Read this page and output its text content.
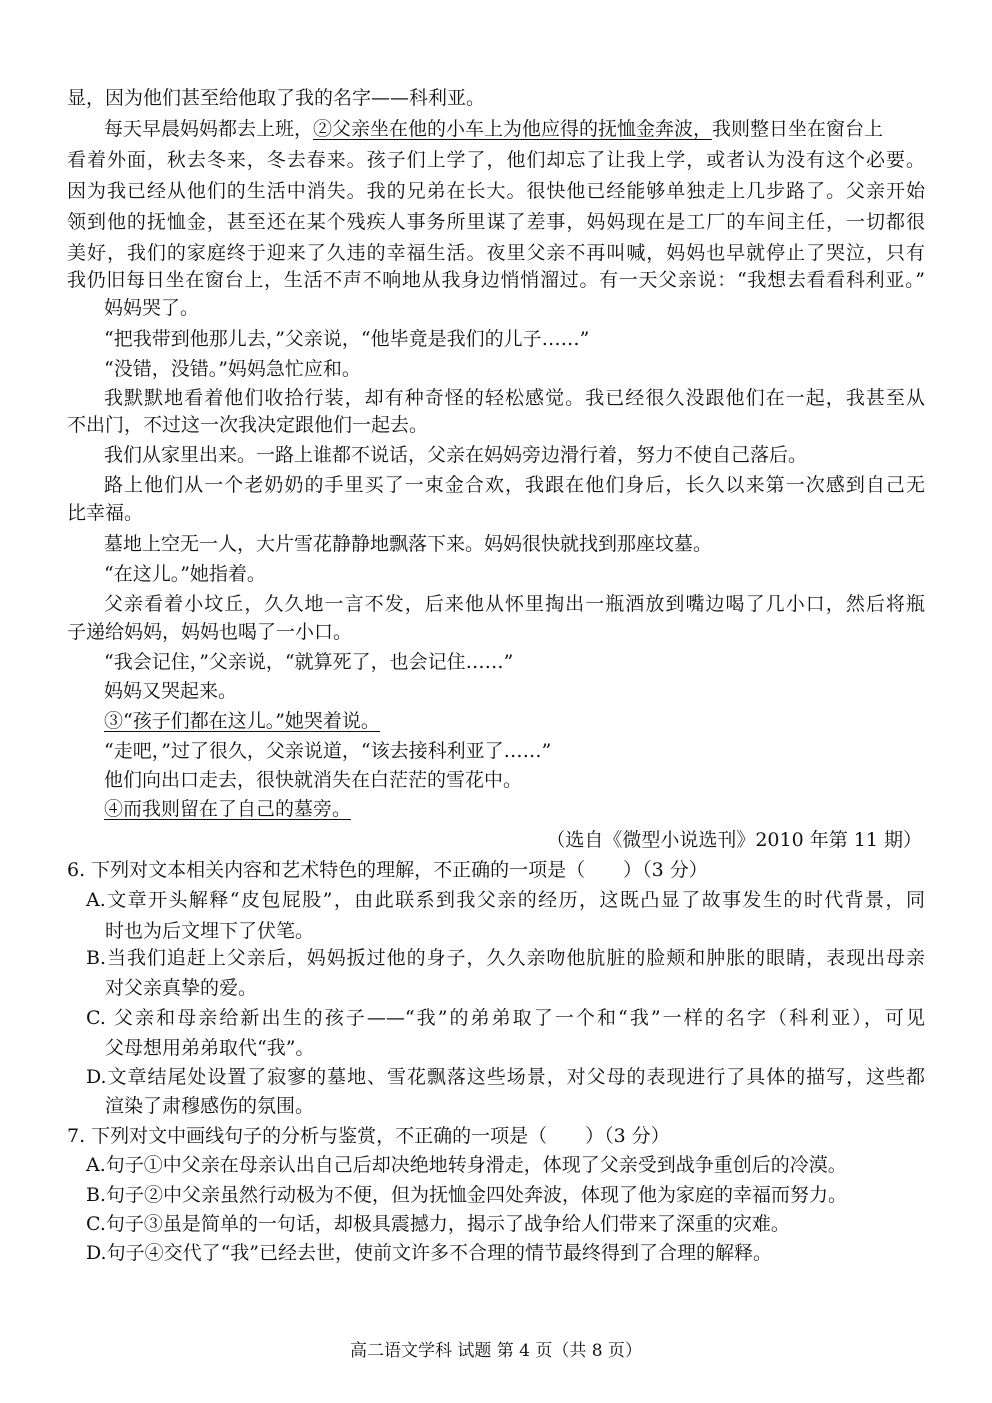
显，因为他们甚至给他取了我的名字——科利亚。
每天早晨妈妈都去上班，②父亲坐在他的小车上为他应得的抚恤金奔波，我则整日坐在窗台上
看着外面，秋去冬来，冬去春来。孩子们上学了，他们却忘了让我上学，或者认为没有这个必要。
因为我已经从他们的生活中消失。我的兄弟在长大。很快他已经能够单独走上几步路了。父亲开始
领到他的抚恤金，甚至还在某个残疾人事务所里谋了差事，妈妈现在是工厂的车间主任，一切都很
美好，我们的家庭终于迎来了久违的幸福生活。夜里父亲不再叫喊，妈妈也早就停止了哭泣，只有
我仍旧每日坐在窗台上，生活不声不响地从我身边悄悄溜过。有一天父亲说：“我想去看看科利亚。”
妈妈哭了。
“把我带到他那儿去，”父亲说，“他毕竟是我们的儿子……”
“没错，没错。”妈妈急忙应和。
我默默地看着他们收拾行装，却有种奇怪的轻松感觉。我已经很久没跟他们在一起，我甚至从
不出门，不过这一次我决定跟他们一起去。
我们从家里出来。一路上谁都不说话，父亲在妈妈旁边滑行着，努力不使自己落后。
路上他们从一个老奶奶的手里买了一束金合欢，我跟在他们身后，长久以来第一次感到自己无
比幸福。
墓地上空无一人，大片雪花静静地飘落下来。妈妈很快就找到那座坟墓。
“在这儿。”她指着。
父亲看着小坟丘，久久地一言不发，后来他从怀里掏出一瓶酒放到嘴边喝了几小口，然后将瓶
子递给妈妈，妈妈也喝了一小口。
“我会记住，”父亲说，“就算死了，也会记住……”
妈妈又哭起来。
③“孩子们都在这儿。”她哭着说。
“走吧，”过了很久，父亲说道，“该去接科利亚了……”
他们向出口走去，很快就消失在白茫茫的雪花中。
④而我则留在了自己的墓旁。
（选自《微型小说选刊》2010 年第 11 期）
6. 下列对文本相关内容和艺术特色的理解，不正确的一项是（　　）（3 分）
A.文章开头解释“皮包屁股”，由此联系到我父亲的经历，这既凸显了故事发生的时代背景，同
时也为后文埋下了伏笔。
B.当我们追赶上父亲后，妈妈扳过他的身子，久久亲吻他肮脏的脸颊和肿胀的眼睛，表现出母亲
对父亲真挚的爱。
C. 父亲和母亲给新出生的孩子——“我”的弟弟取了一个和“我”一样的名字（科利亚），可见
父母想用弟弟取代“我”。
D.文章结尾处设置了寂寥的墓地、雪花飘落这些场景，对父母的表现进行了具体的描写，这些都
渲染了肃穆感伤的氛围。
7. 下列对文中画线句子的分析与鉴赏，不正确的一项是（　　）（3 分）
A.句子①中父亲在母亲认出自己后却决绝地转身滑走，体现了父亲受到战争重创后的冷漠。
B.句子②中父亲虽然行动极为不便，但为抚恤金四处奔波，体现了他为家庭的幸福而努力。
C.句子③虽是简单的一句话，却极具震撼力，揭示了战争给人们带来了深重的灾难。
D.句子④交代了“我”已经去世，使前文许多不合理的情节最终得到了合理的解释。
高二语文学科 试题 第 4 页（共 8 页）
